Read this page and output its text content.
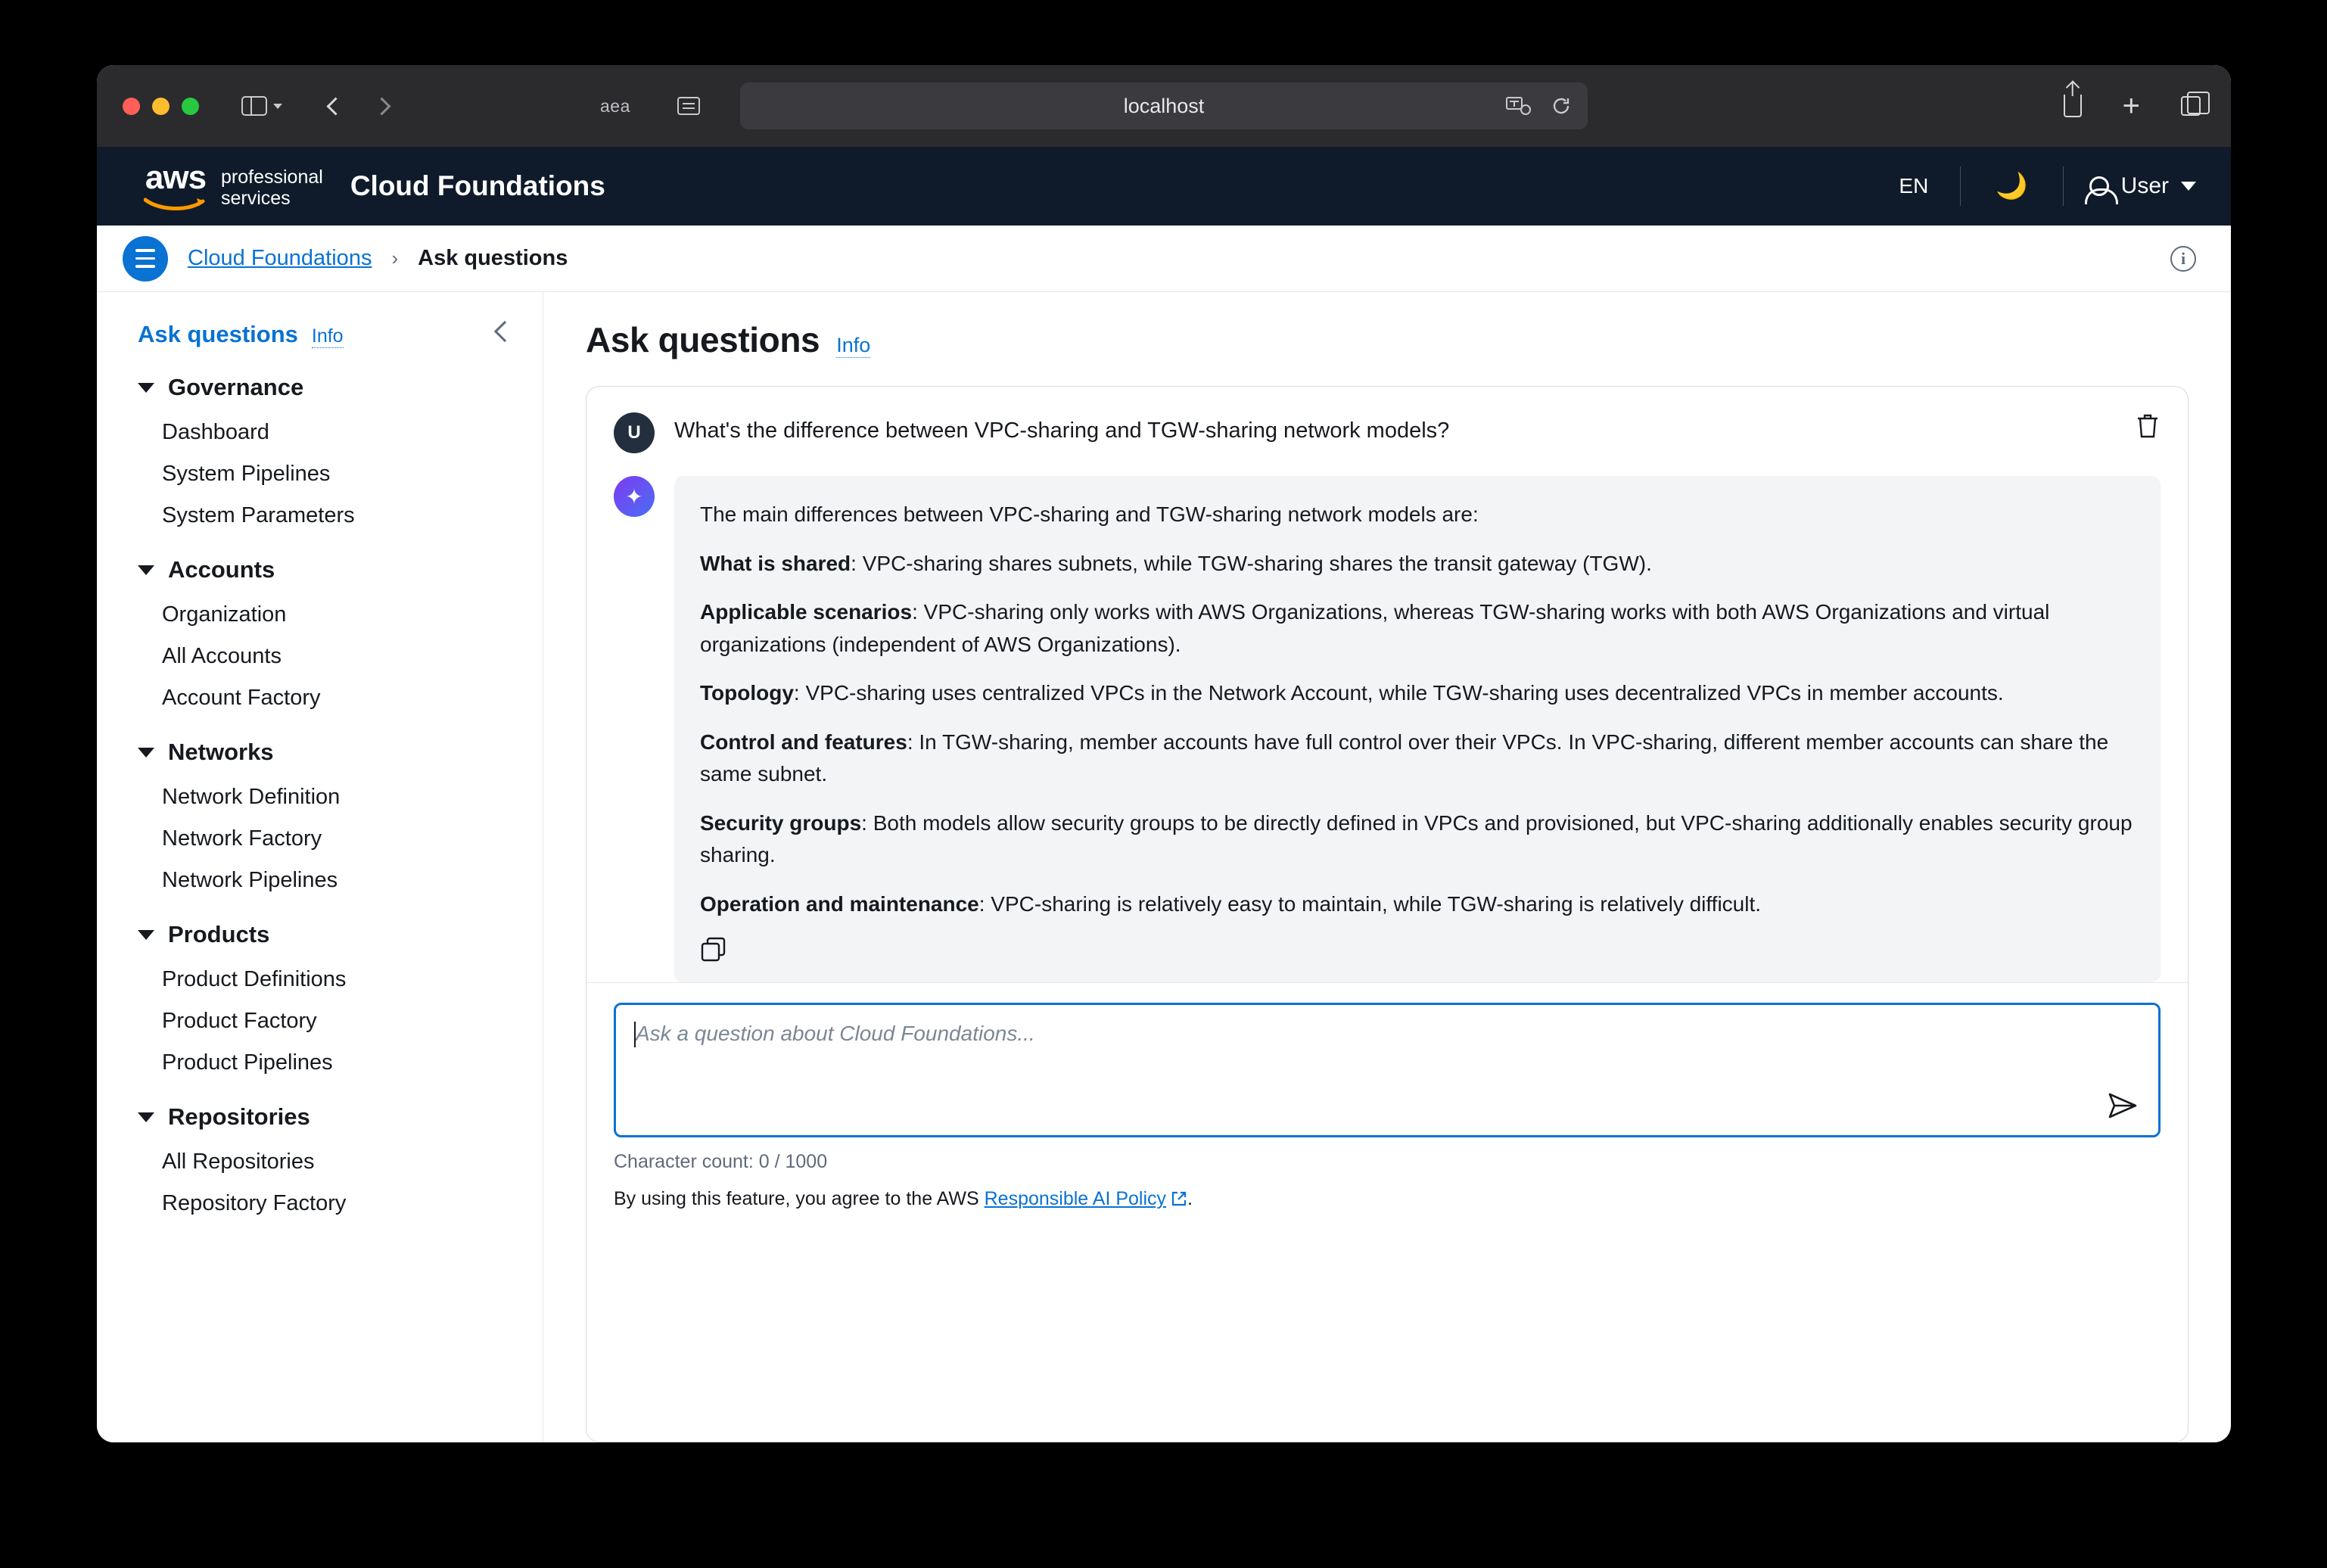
aea	localhost	+
aws professional
services	Cloud Foundations	EN	🌙	User
Cloud Foundations › Ask questions	i
Ask questions Info
Governance
Dashboard
System Pipelines
System Parameters
Accounts
Organization
All Accounts
Account Factory
Networks
Network Definition
Network Factory
Network Pipelines
Products
Product Definitions
Product Factory
Product Pipelines
Repositories
All Repositories
Repository Factory
Ask questions Info
U	What's the difference between VPC-sharing and TGW-sharing network models?
✦
The main differences between VPC-sharing and TGW-sharing network models are:
What is shared: VPC-sharing shares subnets, while TGW-sharing shares the transit gateway (TGW).
Applicable scenarios: VPC-sharing only works with AWS Organizations, whereas TGW-sharing works with both AWS Organizations and virtual organizations (independent of AWS Organizations).
Topology: VPC-sharing uses centralized VPCs in the Network Account, while TGW-sharing uses decentralized VPCs in member accounts.
Control and features: In TGW-sharing, member accounts have full control over their VPCs. In VPC-sharing, different member accounts can share the same subnet.
Security groups: Both models allow security groups to be directly defined in VPCs and provisioned, but VPC-sharing additionally enables security group sharing.
Operation and maintenance: VPC-sharing is relatively easy to maintain, while TGW-sharing is relatively difficult.
Ask a question about Cloud Foundations...
Character count: 0 / 1000
By using this feature, you agree to the AWS Responsible AI Policy .
